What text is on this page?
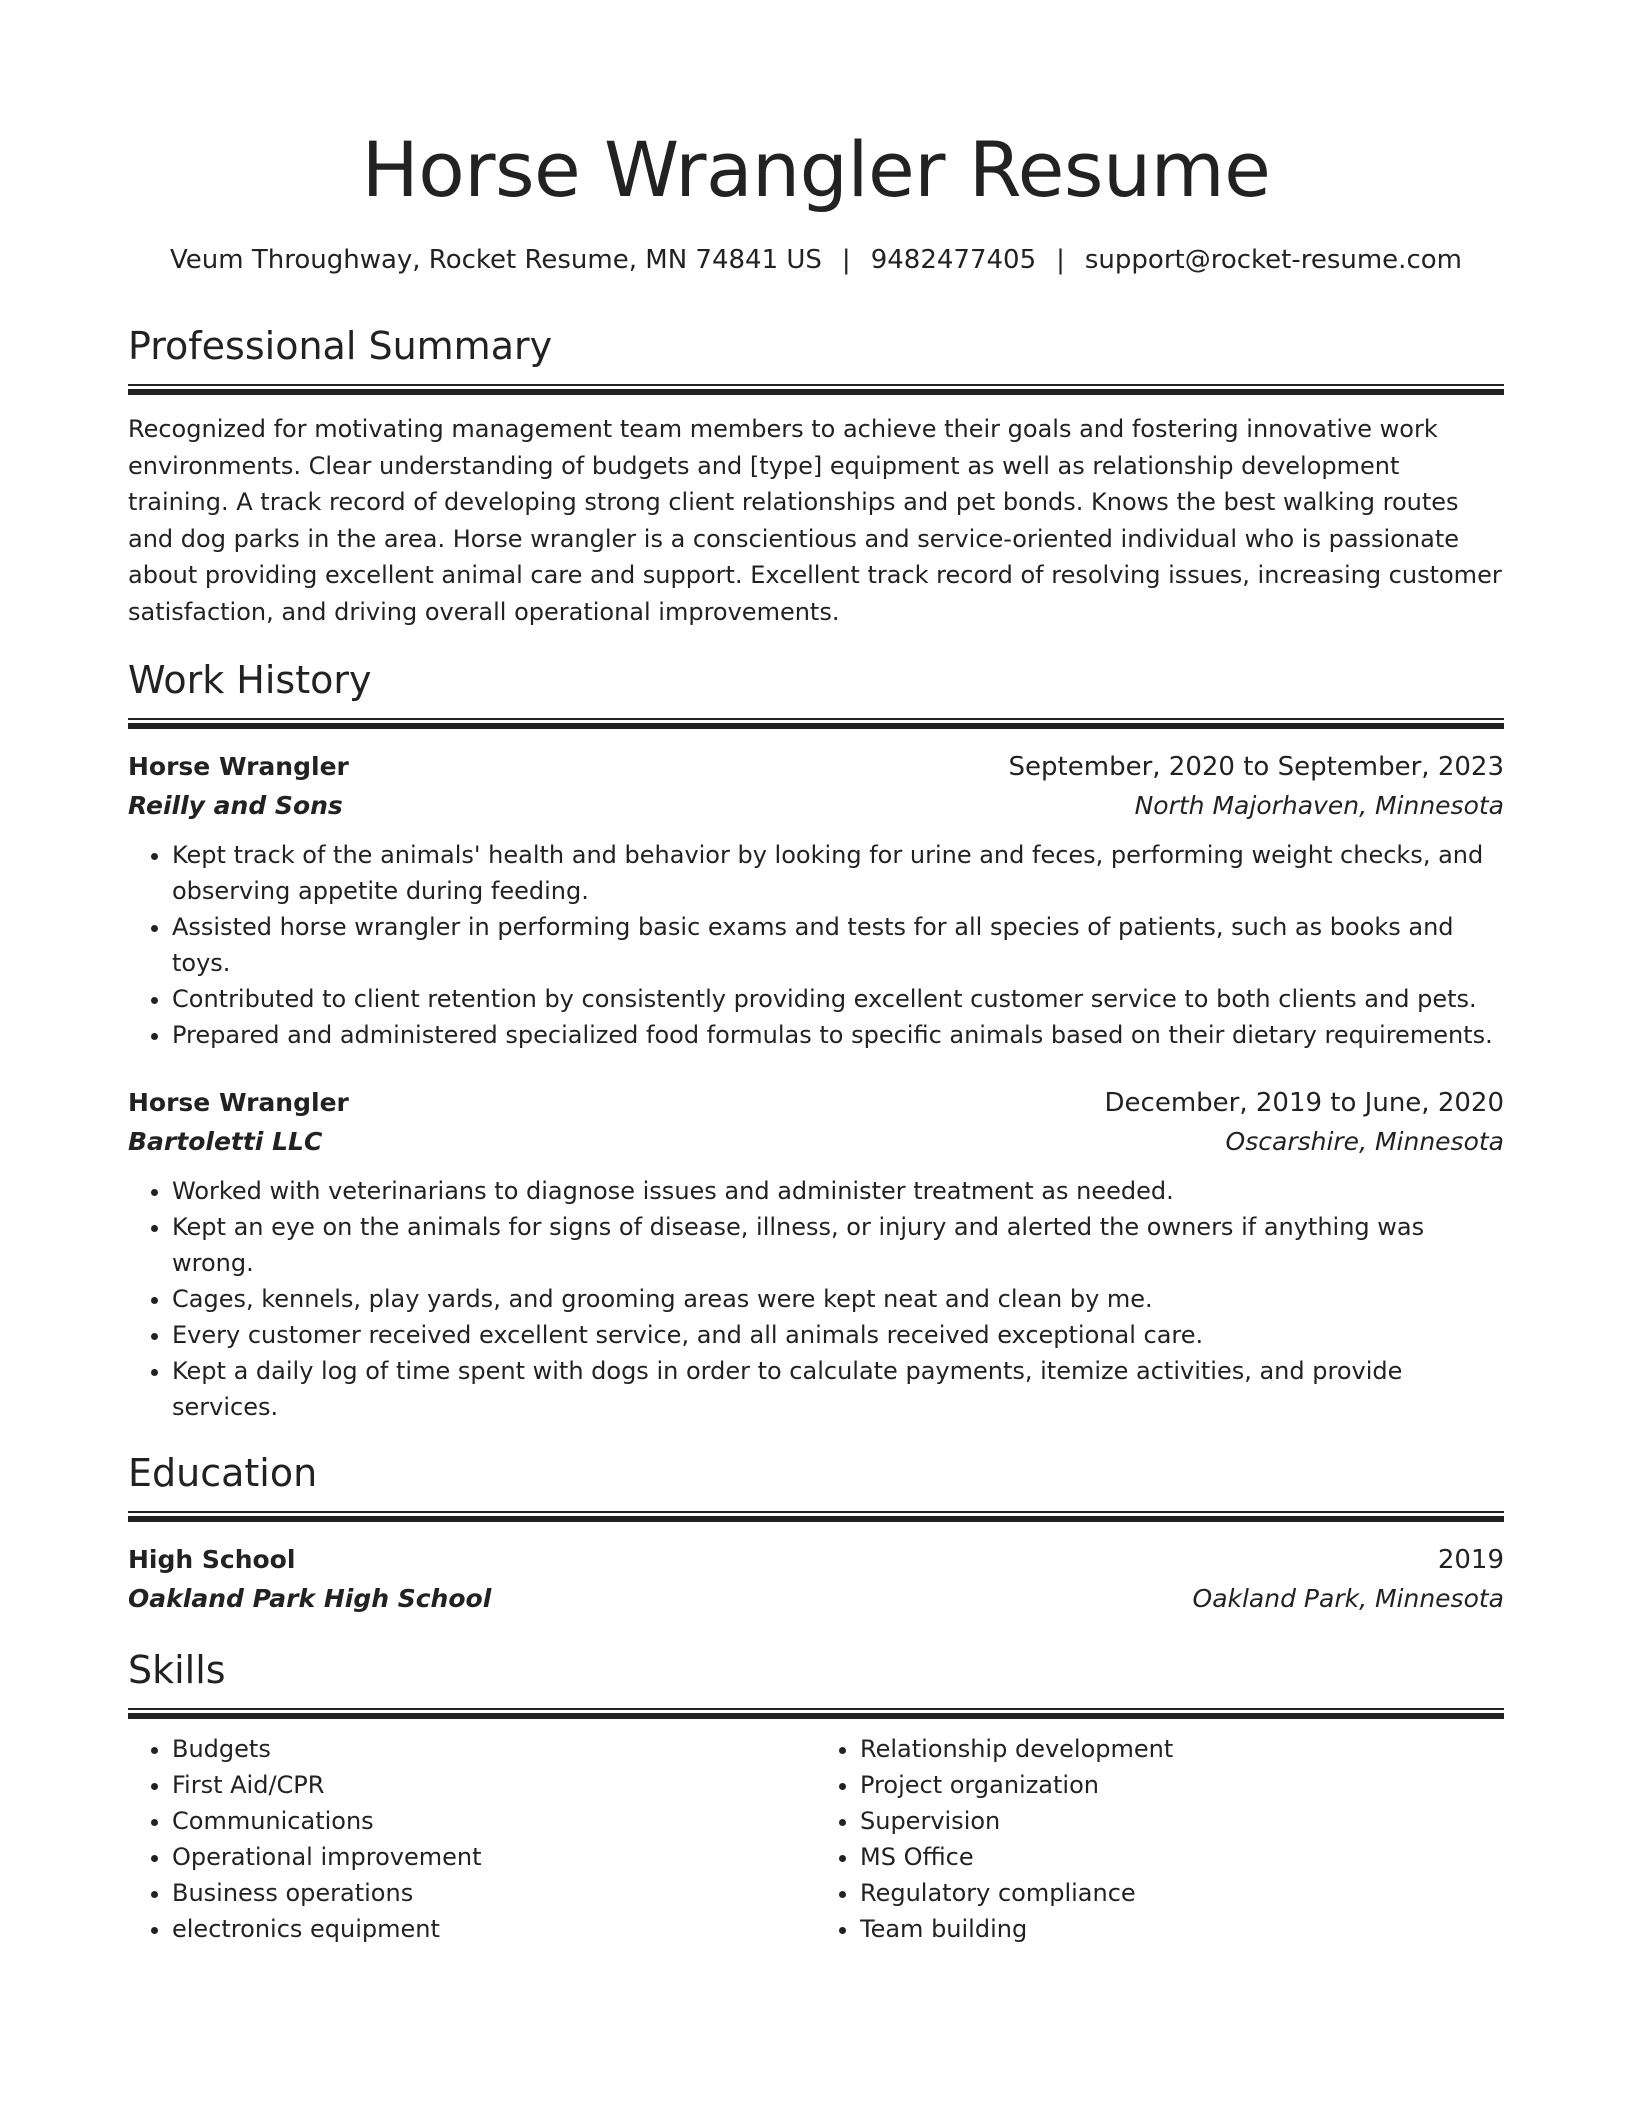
Horse Wrangler Resume
Veum Throughway, Rocket Resume, MN 74841 US | 9482477405 | support@rocket-resume.com
Professional Summary

Recognized for motivating management team members to achieve their goals and fostering innovative work environments. Clear understanding of budgets and [type] equipment as well as relationship development training. A track record of developing strong client relationships and pet bonds. Knows the best walking routes and dog parks in the area. Horse wrangler is a conscientious and service-oriented individual who is passionate about providing excellent animal care and support. Excellent track record of resolving issues, increasing customer satisfaction, and driving overall operational improvements.

Work History
Horse Wrangler	September, 2020 to September, 2023
Reilly and Sons	North Majorhaven, Minnesota
• Kept track of the animals' health and behavior by looking for urine and feces, performing weight checks, and observing appetite during feeding.
• Assisted horse wrangler in performing basic exams and tests for all species of patients, such as books and toys.
• Contributed to client retention by consistently providing excellent customer service to both clients and pets.
• Prepared and administered specialized food formulas to specific animals based on their dietary requirements.
Horse Wrangler	December, 2019 to June, 2020
Bartoletti LLC	Oscarshire, Minnesota
• Worked with veterinarians to diagnose issues and administer treatment as needed.
• Kept an eye on the animals for signs of disease, illness, or injury and alerted the owners if anything was wrong.
• Cages, kennels, play yards, and grooming areas were kept neat and clean by me.
• Every customer received excellent service, and all animals received exceptional care.
• Kept a daily log of time spent with dogs in order to calculate payments, itemize activities, and provide services.
Education
High School	2019
Oakland Park High School	Oakland Park, Minnesota
Skills
• Budgets
• First Aid/CPR
• Communications
• Operational improvement
• Business operations
• electronics equipment
• Relationship development
• Project organization
• Supervision
• MS Office
• Regulatory compliance
• Team building
